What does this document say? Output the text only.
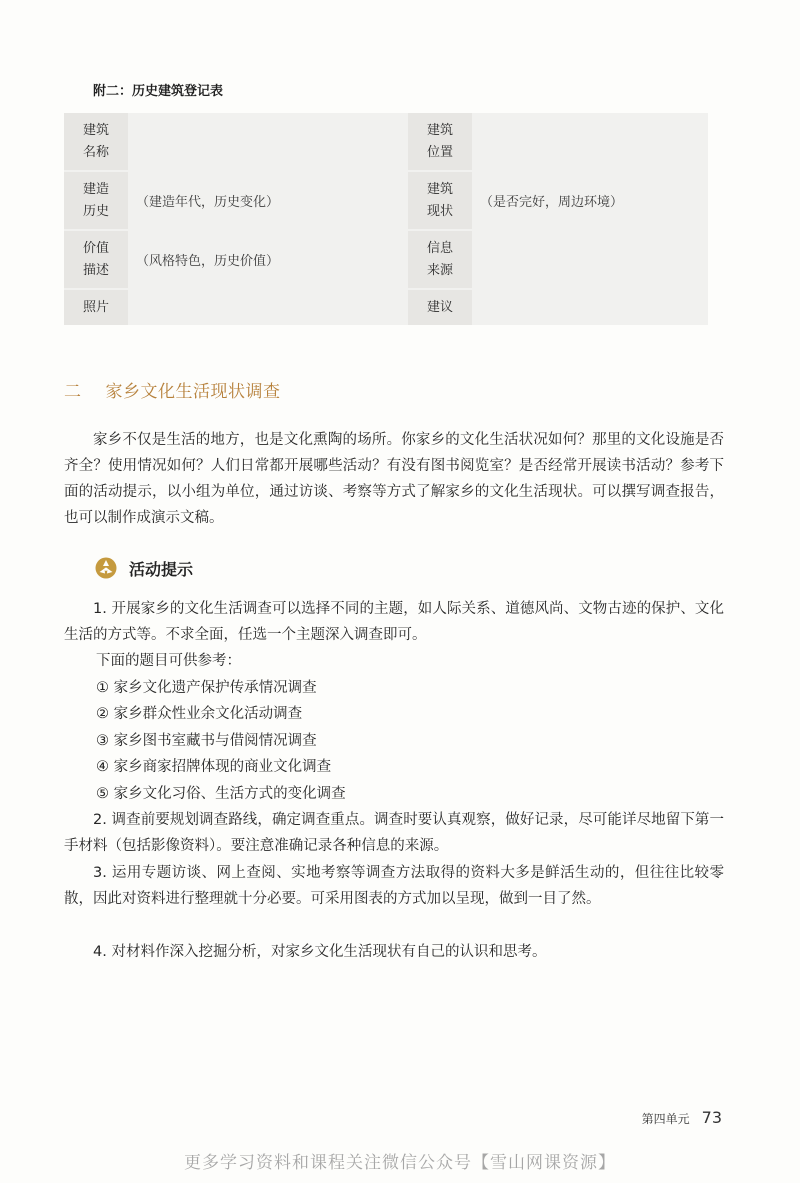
附二：历史建筑登记表
建筑名称
建筑位置
建造历史
（建造年代，历史变化）
建筑现状
（是否完好，周边环境）
价值描述
（风格特色，历史价值）
信息来源
照片	建议
二 家乡文化生活现状调查

家乡不仅是生活的地方，也是文化熏陶的场所。你家乡的文化生活状况如何？那里的文化设施是否齐全？使用情况如何？人们日常都开展哪些活动？有没有图书阅览室？是否经常开展读书活动？参考下面的活动提示，以小组为单位，通过访谈、考察等方式了解家乡的文化生活现状。可以撰写调查报告，也可以制作成演示文稿。

活动提示

1. 开展家乡的文化生活调查可以选择不同的主题，如人际关系、道德风尚、文物古迹的保护、文化生活的方式等。不求全面，任选一个主题深入调查即可。

下面的题目可供参考：
① 家乡文化遗产保护传承情况调查
② 家乡群众性业余文化活动调查
③ 家乡图书室藏书与借阅情况调查
④ 家乡商家招牌体现的商业文化调查
⑤ 家乡文化习俗、生活方式的变化调查

2. 调查前要规划调查路线，确定调查重点。调查时要认真观察，做好记录，尽可能详尽地留下第一手材料（包括影像资料）。要注意准确记录各种信息的来源。

3. 运用专题访谈、网上查阅、实地考察等调查方法取得的资料大多是鲜活生动的，但往往比较零散，因此对资料进行整理就十分必要。可采用图表的方式加以呈现，做到一目了然。

4. 对材料作深入挖掘分析，对家乡文化生活现状有自己的认识和思考。

第四单元 73
更多学习资料和课程关注微信公众号【雪山网课资源】
